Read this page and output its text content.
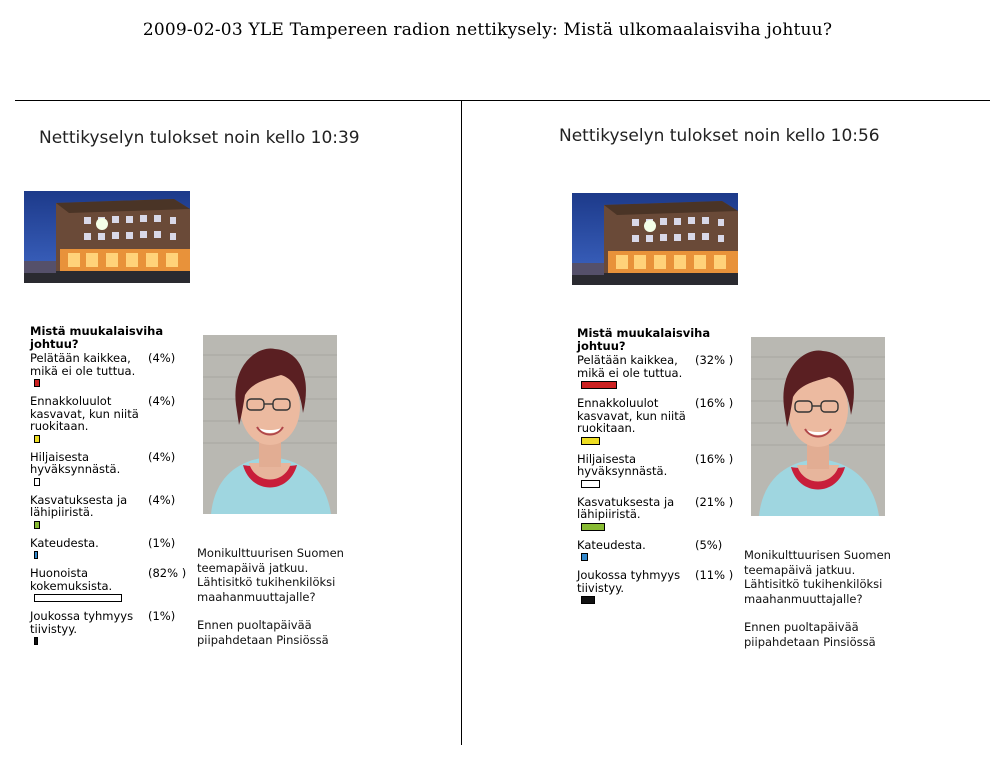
2009-02-03 YLE Tampereen radion nettikysely: Mistä ulkomaalaisviha johtuu?
Nettikyselyn tulokset noin kello 10:39
Mistä muukalaisviha johtuu?
Pelätään kaikkea, mikä ei ole tuttua.
(4%)
Ennakkoluulot kasvavat, kun niitä ruokitaan.
(4%)
Hiljaisesta hyväksynnästä.
(4%)
Kasvatuksesta ja lähipiiristä.
(4%)
Kateudesta.	(1%)
Huonoista kokemuksista.
(82% )
Joukossa tyhmyys tiivistyy.
(1%)

Monikulttuurisen Suomen teemapäivä jatkuu. Lähtisitkö tukihenkilöksi maahanmuuttajalle?

Ennen puoltapäivää piipahdetaan Pinsiössä

Nettikyselyn tulokset noin kello 10:56
Mistä muukalaisviha johtuu?
Pelätään kaikkea, mikä ei ole tuttua.
(32% )
Ennakkoluulot kasvavat, kun niitä ruokitaan.
(16% )
Hiljaisesta hyväksynnästä.
(16% )
Kasvatuksesta ja lähipiiristä.
(21% )
Kateudesta.	(5%)
Joukossa tyhmyys tiivistyy.
(11% )

Monikulttuurisen Suomen teemapäivä jatkuu. Lähtisitkö tukihenkilöksi maahanmuuttajalle?

Ennen puoltapäivää piipahdetaan Pinsiössä
